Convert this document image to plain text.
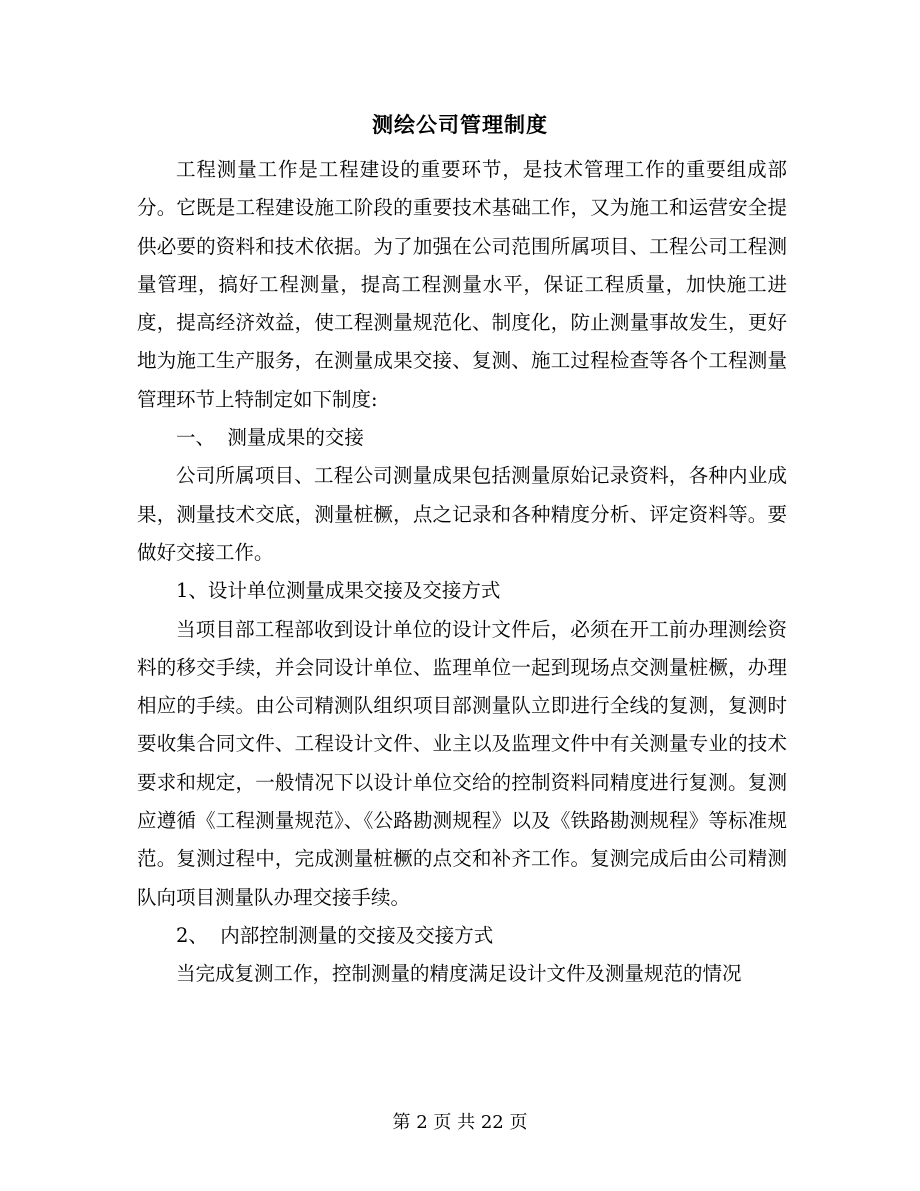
测绘公司管理制度

工程测量工作是工程建设的重要环节，是技术管理工作的重要组成部分。它既是工程建设施工阶段的重要技术基础工作，又为施工和运营安全提供必要的资料和技术依据。为了加强在公司范围所属项目、工程公司工程测量管理，搞好工程测量，提高工程测量水平，保证工程质量，加快施工进度，提高经济效益，使工程测量规范化、制度化，防止测量事故发生，更好地为施工生产服务，在测量成果交接、复测、施工过程检查等各个工程测量管理环节上特制定如下制度:

一、  测量成果的交接

公司所属项目、工程公司测量成果包括测量原始记录资料，各种内业成果，测量技术交底，测量桩橛，点之记录和各种精度分析、评定资料等。要做好交接工作。

1、设计单位测量成果交接及交接方式

当项目部工程部收到设计单位的设计文件后，必须在开工前办理测绘资料的移交手续，并会同设计单位、监理单位一起到现场点交测量桩橛，办理相应的手续。由公司精测队组织项目部测量队立即进行全线的复测，复测时要收集合同文件、工程设计文件、业主以及监理文件中有关测量专业的技术要求和规定，一般情况下以设计单位交给的控制资料同精度进行复测。复测应遵循《工程测量规范》、《公路勘测规程》以及《铁路勘测规程》等标准规范。复测过程中，完成测量桩橛的点交和补齐工作。复测完成后由公司精测队向项目测量队办理交接手续。

2、  内部控制测量的交接及交接方式

当完成复测工作，控制测量的精度满足设计文件及测量规范的情况

第 2 页 共 22 页
